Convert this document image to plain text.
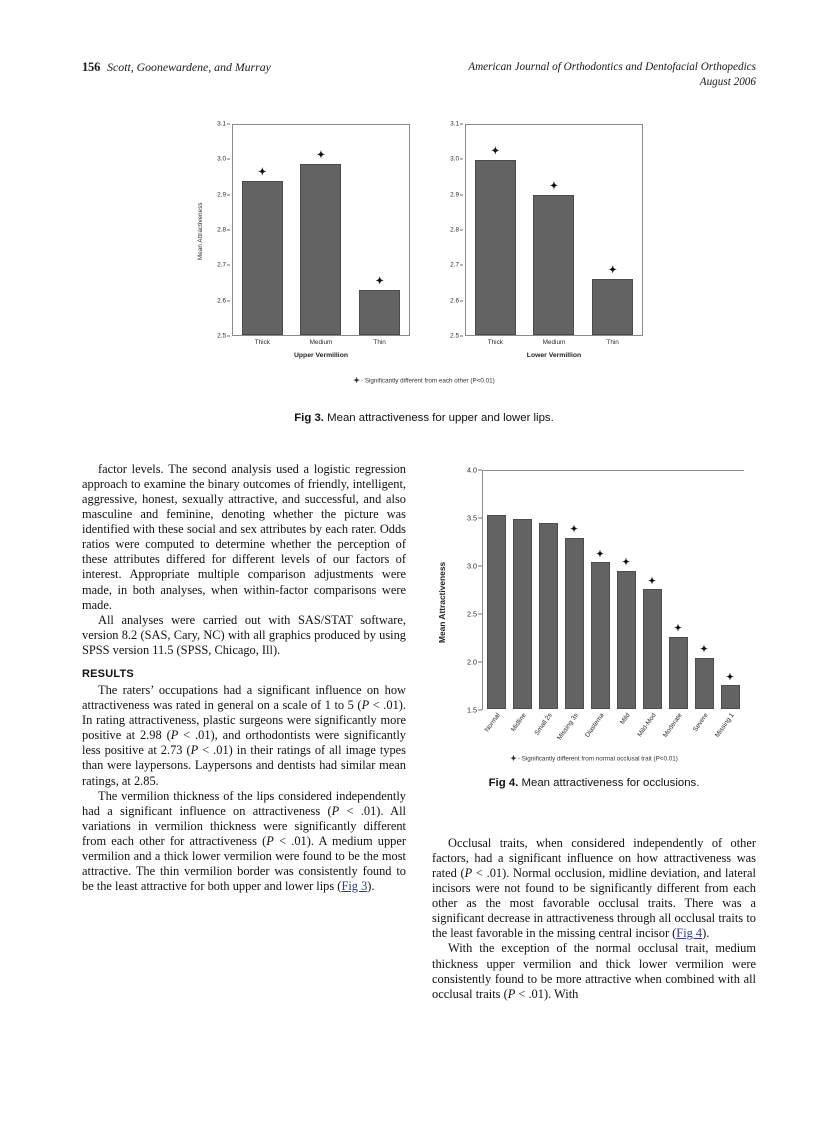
156 Scott, Goonewardene, and Murray	American Journal of Orthodontics and Dentofacial Orthopedics
August 2006
Mean Attractiveness
3.1
3.0
2.9
2.8
2.7
2.6
2.5
✦
✦
✦
Thick	Medium	Thin
Upper Vermillion
3.1
3.0
2.9
2.8
2.7
2.6
2.5
✦
✦
✦
Thick	Medium	Thin
Lower Vermillion
✦- Significantly different from each other (P<0.01)
Fig 3. Mean attractiveness for upper and lower lips.

factor levels. The second analysis used a logistic regression approach to examine the binary outcomes of friendly, intelligent, aggressive, honest, sexually attractive, and successful, and also masculine and feminine, denoting whether the picture was identified with these social and sex attributes by each rater. Odds ratios were computed to determine whether the perception of these attributes differed for different levels of our factors of interest. Appropriate multiple comparison adjustments were made, in both analyses, when within-factor comparisons were made.

All analyses were carried out with SAS/STAT software, version 8.2 (SAS, Cary, NC) with all graphics produced by using SPSS version 11.5 (SPSS, Chicago, Ill).

RESULTS

The raters’ occupations had a significant influence on how attractiveness was rated in general on a scale of 1 to 5 (P < .01). In rating attractiveness, plastic surgeons were significantly more positive at 2.98 (P < .01), and orthodontists were significantly less positive at 2.73 (P < .01) in their ratings of all image types than were laypersons. Laypersons and dentists had similar mean ratings, at 2.85.

The vermilion thickness of the lips considered independently had a significant influence on attractiveness (P < .01). All variations in vermilion thickness were significantly different from each other for attractiveness (P < .01). A medium upper vermilion and a thick lower vermilion were found to be the most attractive. The thin vermilion border was consistently found to be the least attractive for both upper and lower lips (Fig 3).

Mean Attractiveness
4.0
3.5
3.0
2.5
2.0
1.5
✦
✦
✦
✦
✦
✦
✦
Normal Midline Small 2s Missing 3s Diastema Mild Mild-Mod Moderate Severe Missing 1
✦- Significantly different from normal occlusal trait (P<0.01)
Fig 4. Mean attractiveness for occlusions.

Occlusal traits, when considered independently of other factors, had a significant influence on how attractiveness was rated (P < .01). Normal occlusion, midline deviation, and lateral incisors were not found to be significantly different from each other as the most favorable occlusal traits. There was a significant decrease in attractiveness through all occlusal traits to the least favorable in the missing central incisor (Fig 4).

With the exception of the normal occlusal trait, medium thickness upper vermilion and thick lower vermilion were consistently found to be more attractive when combined with all occlusal traits (P < .01). With
